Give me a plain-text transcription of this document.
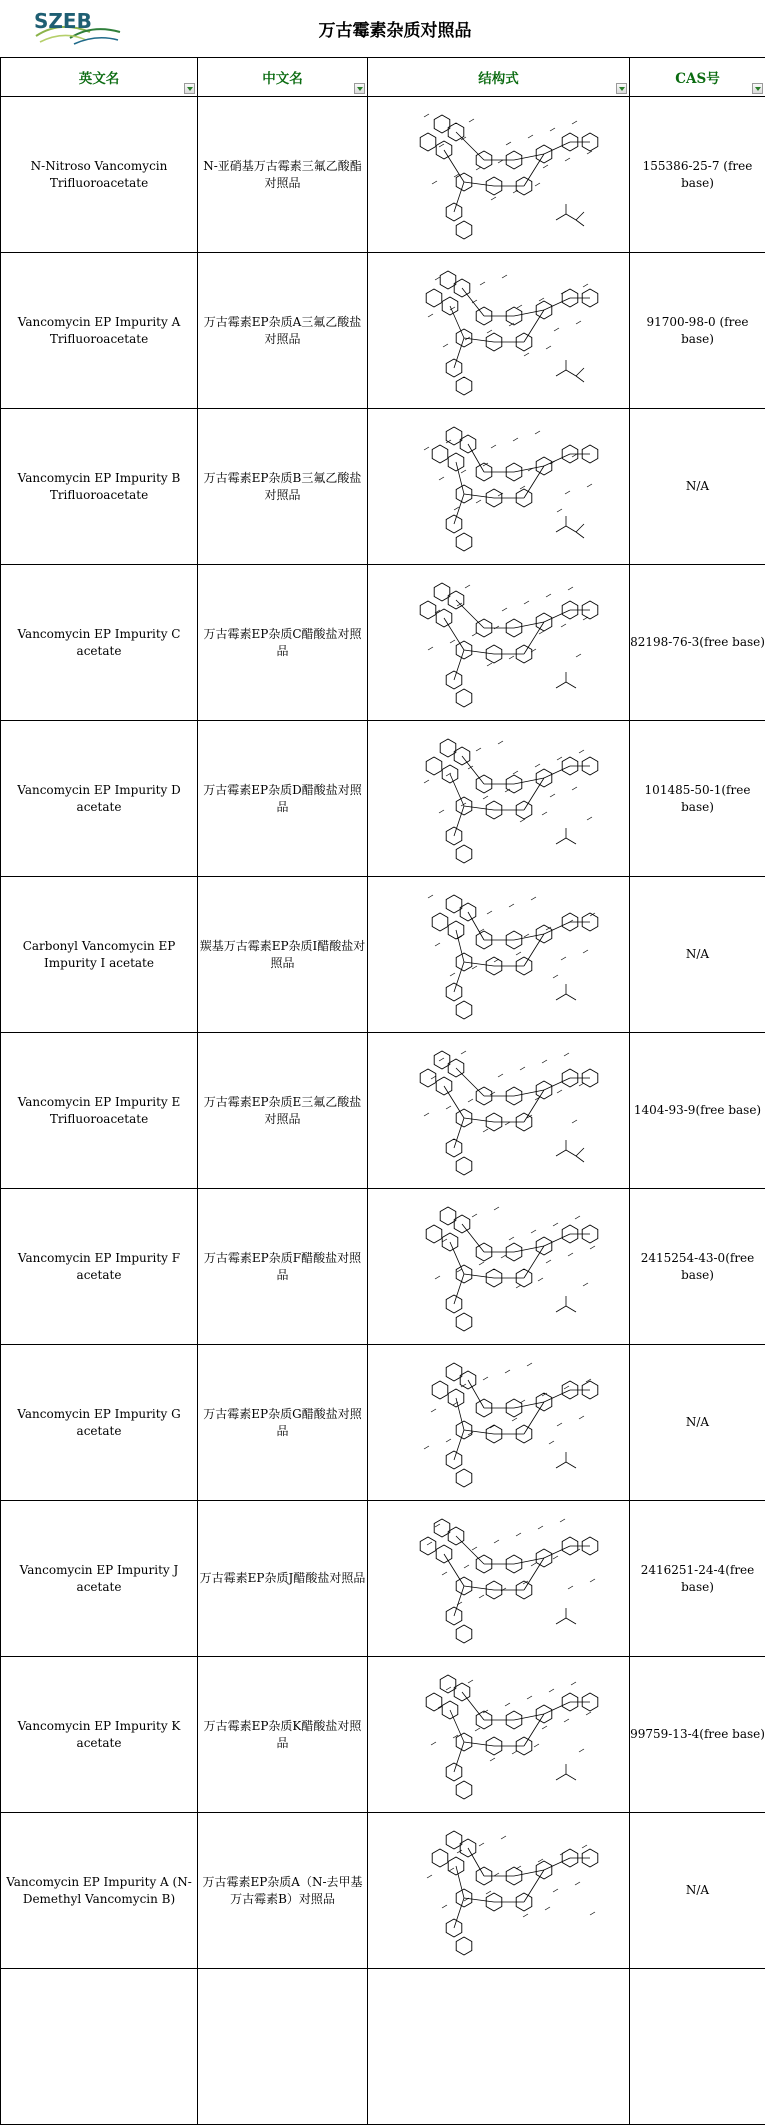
SZEB	万古霉素杂质对照品
英文名	中文名	结构式	CAS号

N-Nitroso Vancomycin Trifluoroacetate	N-亚硝基万古霉素三氟乙酸酯对照品		155386-25-7 (free base)
Vancomycin EP Impurity A Trifluoroacetate	万古霉素EP杂质A三氟乙酸盐对照品		91700-98-0 (free base)
Vancomycin EP Impurity B Trifluoroacetate	万古霉素EP杂质B三氟乙酸盐对照品		N/A
Vancomycin EP Impurity C acetate	万古霉素EP杂质C醋酸盐对照品		82198-76-3(free base)
Vancomycin EP Impurity D acetate	万古霉素EP杂质D醋酸盐对照品		101485-50-1(free base)
Carbonyl Vancomycin EP Impurity I acetate	羰基万古霉素EP杂质I醋酸盐对照品		N/A
Vancomycin EP Impurity E Trifluoroacetate	万古霉素EP杂质E三氟乙酸盐对照品		1404-93-9(free base)
Vancomycin EP Impurity F acetate	万古霉素EP杂质F醋酸盐对照品		2415254-43-0(free base)
Vancomycin EP Impurity G acetate	万古霉素EP杂质G醋酸盐对照品		N/A
Vancomycin EP Impurity J acetate	万古霉素EP杂质J醋酸盐对照品		2416251-24-4(free base)
Vancomycin EP Impurity K acetate	万古霉素EP杂质K醋酸盐对照品		99759-13-4(free base)
Vancomycin EP Impurity A (N-Demethyl Vancomycin B)	万古霉素EP杂质A（N-去甲基万古霉素B）对照品		N/A
